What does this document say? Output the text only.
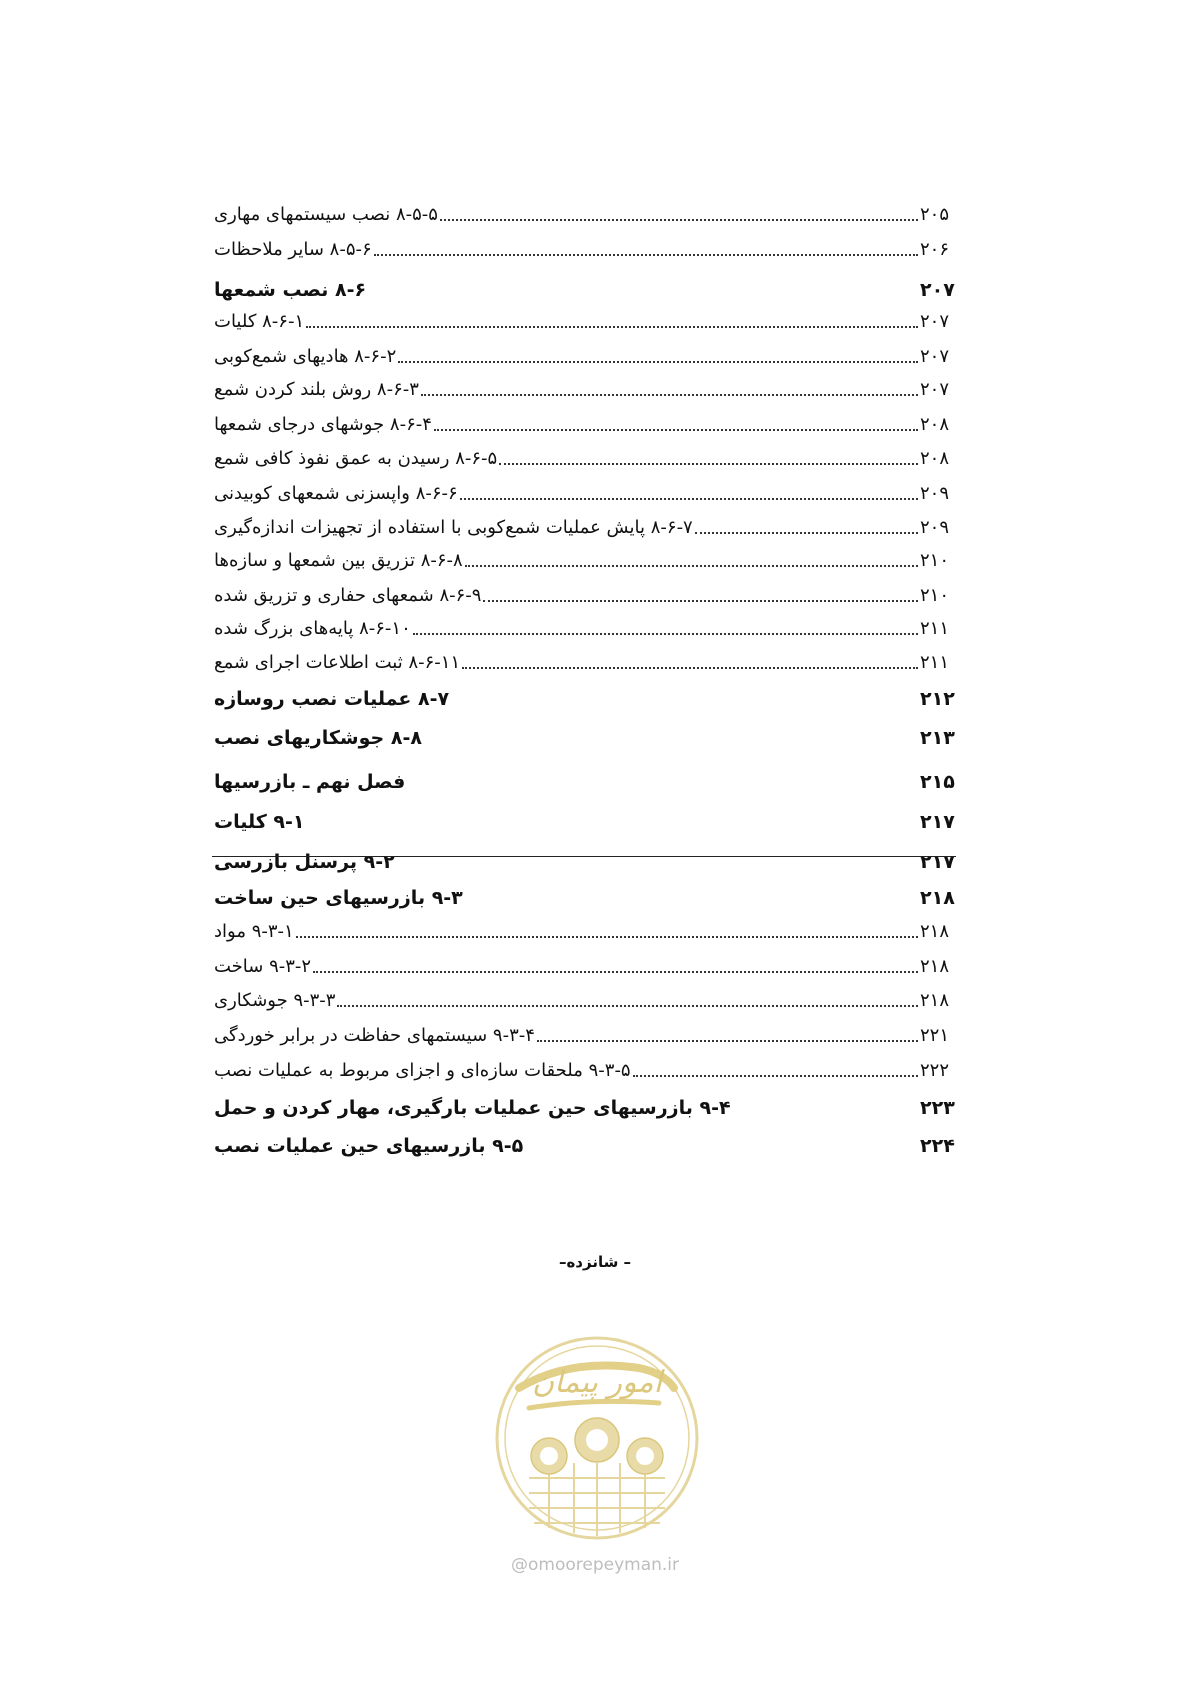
۸-۵-۵ نصب سیستمهای مهاری	۲۰۵
۸-۵-۶ سایر ملاحظات	۲۰۶
۸-۶ نصب شمعها	۲۰۷
۸-۶-۱ کلیات	۲۰۷
۸-۶-۲ هادیهای شمع‌کوبی	۲۰۷
۸-۶-۳ روش بلند کردن شمع	۲۰۷
۸-۶-۴ جوشهای درجای شمعها	۲۰۸
۸-۶-۵ رسیدن به عمق نفوذ کافی شمع	۲۰۸
۸-۶-۶ واپسزنی شمعهای کوبیدنی	۲۰۹
۸-۶-۷ پایش عملیات شمع‌کوبی با استفاده از تجهیزات اندازه‌گیری	۲۰۹
۸-۶-۸ تزریق بین شمعها و سازه‌ها	۲۱۰
۸-۶-۹ شمعهای حفاری و تزریق شده	۲۱۰
۸-۶-۱۰ پایه‌های بزرگ شده	۲۱۱
۸-۶-۱۱ ثبت اطلاعات اجرای شمع	۲۱۱
۸-۷ عملیات نصب روسازه	۲۱۲
۸-۸ جوشکاریهای نصب	۲۱۳
فصل نهم ـ بازرسیها	۲۱۵
۹-۱ کلیات	۲۱۷
۹-۲ پرسنل بازرسی	۲۱۷
۹-۳ بازرسیهای حین ساخت	۲۱۸
۹-۳-۱ مواد	۲۱۸
۹-۳-۲ ساخت	۲۱۸
۹-۳-۳ جوشکاری	۲۱۸
۹-۳-۴ سیستمهای حفاظت در برابر خوردگی	۲۲۱
۹-۳-۵ ملحقات سازه‌ای و اجزای مربوط به عملیات نصب	۲۲۲
۹-۴ بازرسیهای حین عملیات بارگیری، مهار کردن و حمل	۲۲۳
۹-۵ بازرسیهای حین عملیات نصب	۲۲۴
– شانزده–
امور پیمان
@omoorepeyman.ir
